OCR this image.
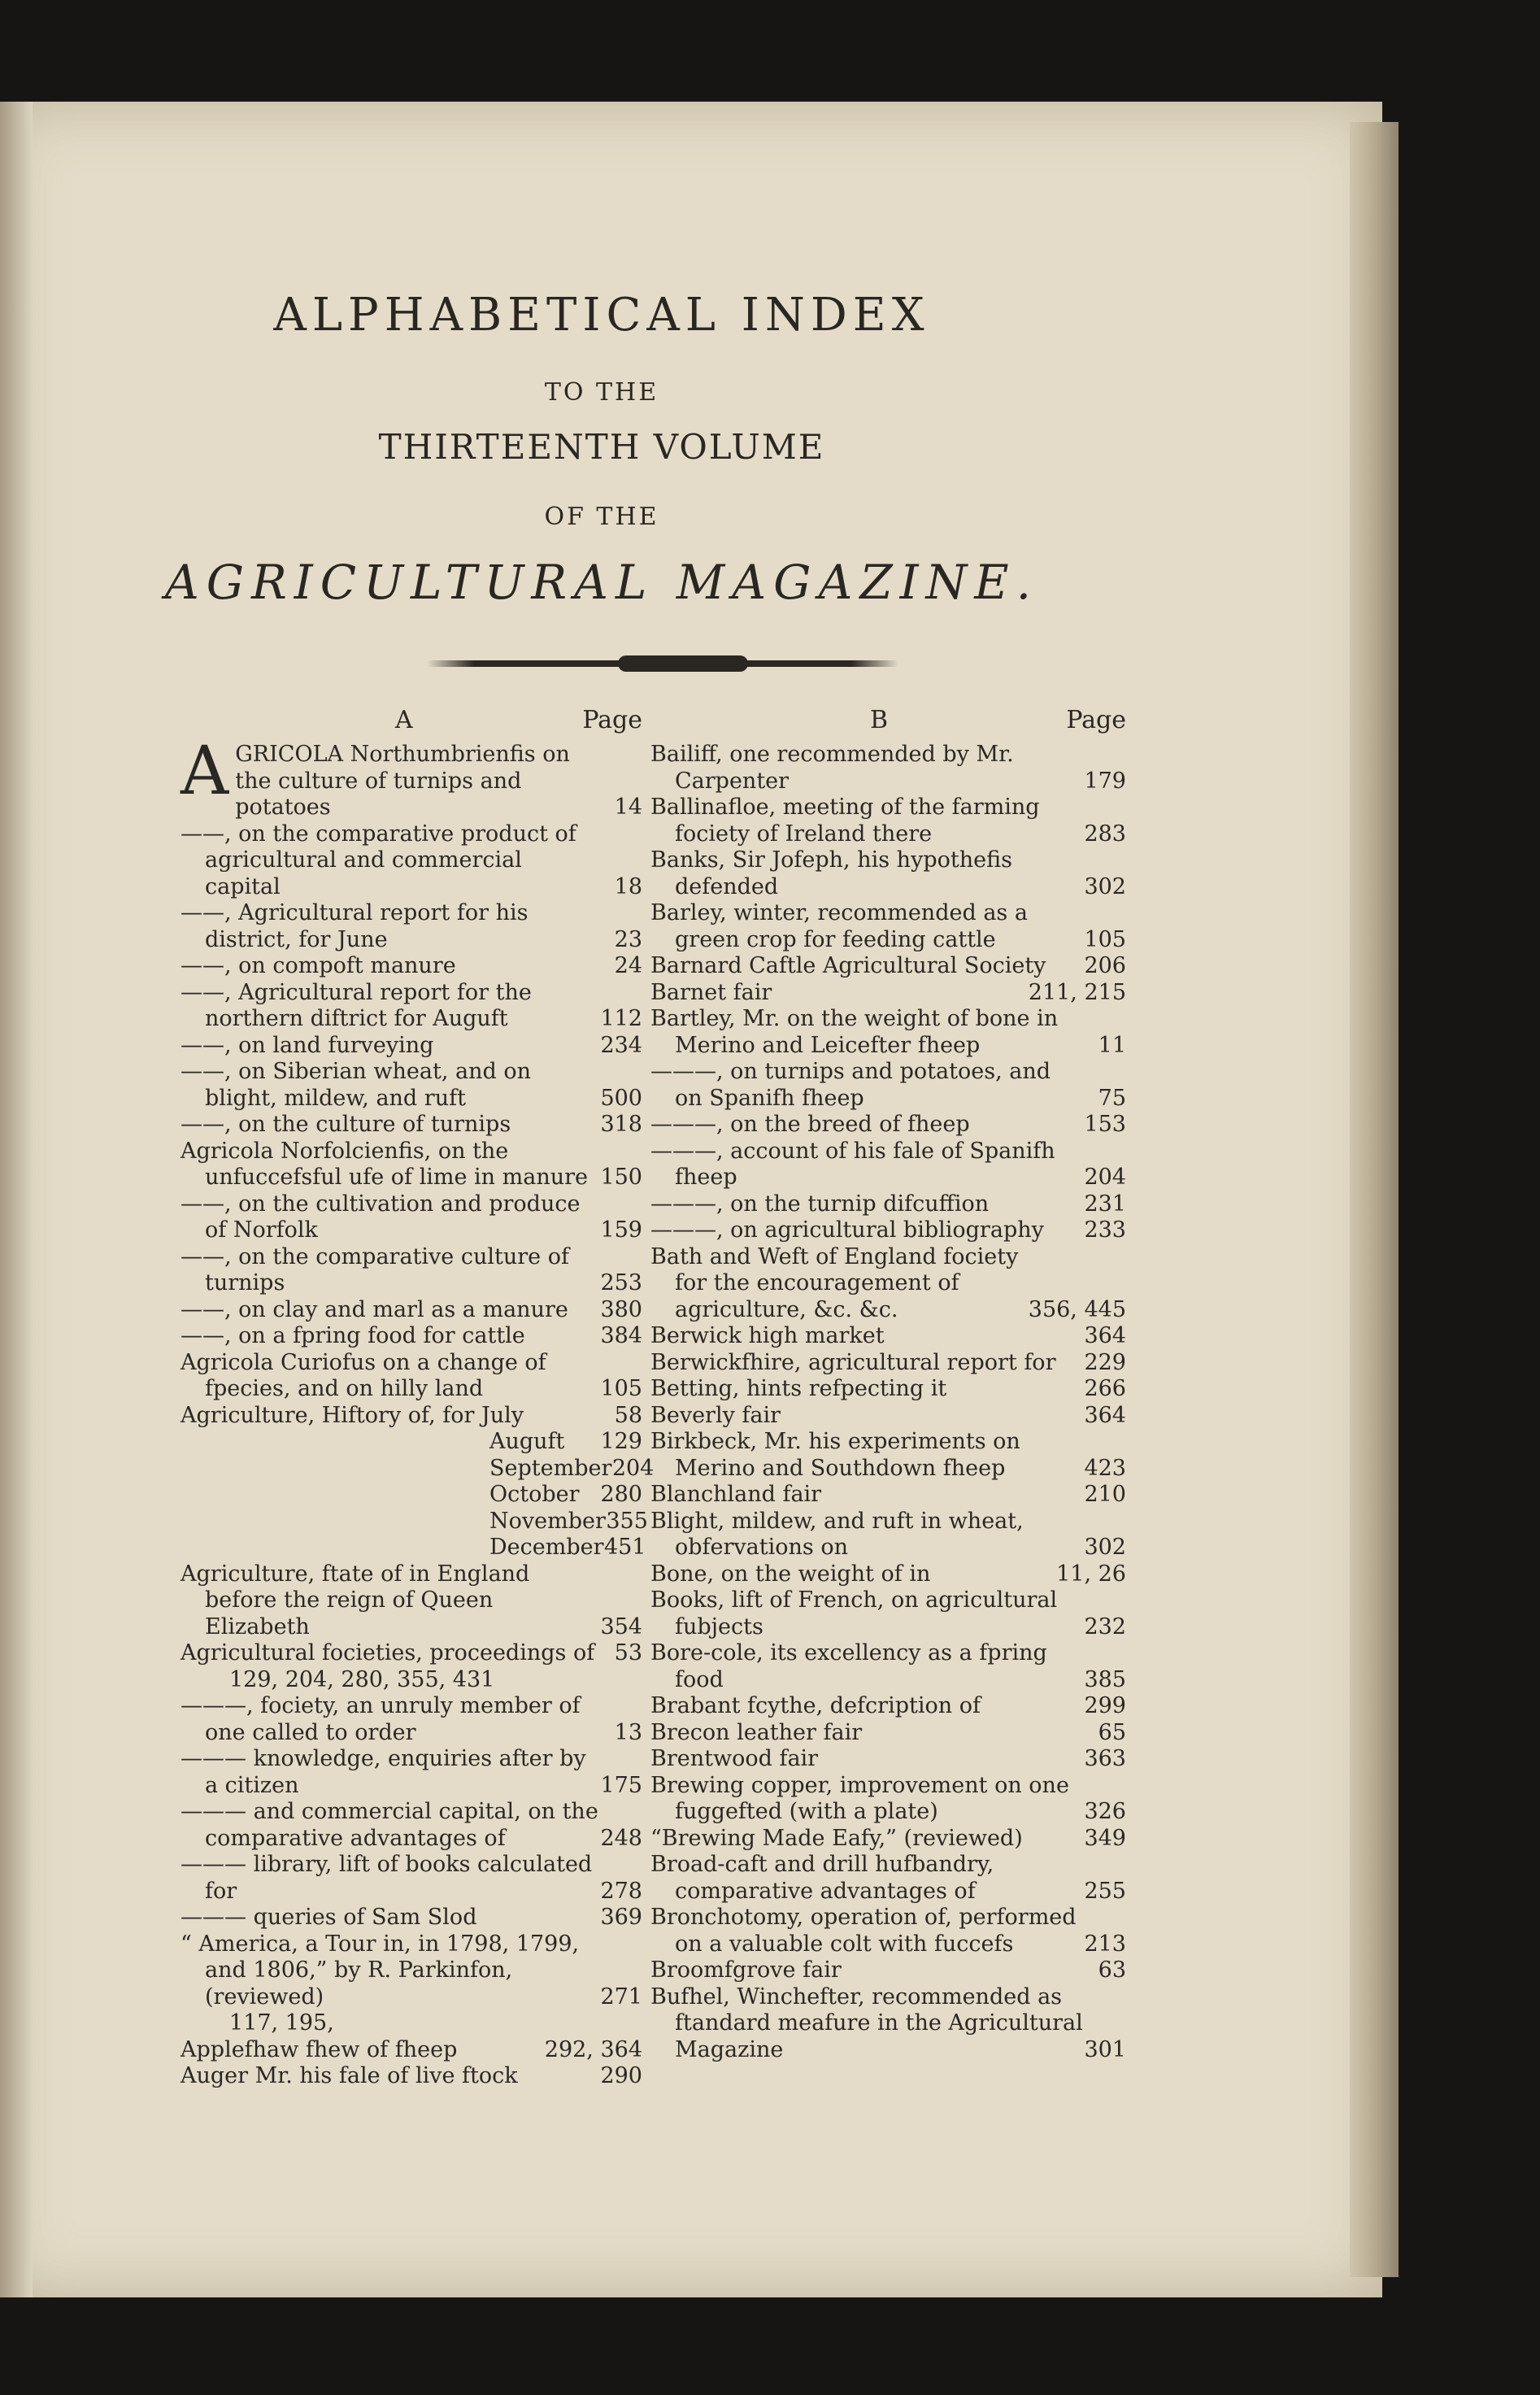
ALPHABETICAL INDEX
TO THE
THIRTEENTH VOLUME
OF THE
AGRICULTURAL MAGAZINE.
A	Page
A GRICOLA Northumbrienfis on the culture of turnips and potatoes	14
——, on the comparative product of agricultural and commercial capital	18
——, Agricultural report for his district, for June	23
——, on compoft manure	24
——, Agricultural report for the northern diftrict for Auguft	112
——, on land furveying	234
——, on Siberian wheat, and on blight, mildew, and ruft	500
——, on the culture of turnips	318
Agricola Norfolcienfis, on the unfuccefsful ufe of lime in manure 150
——, on the cultivation and produce of Norfolk	159
——, on the comparative culture of turnips	253
——, on clay and marl as a manure	380
——, on a fpring food for cattle	384
Agricola Curiofus on a change of fpecies, and on hilly land	105
Agriculture, Hiftory of, for July	58
Auguft	129
September 204
October 280
November 355
December 451
Agriculture, ftate of in England before the reign of Queen Elizabeth	354
Agricultural focieties, proceedings of 53
129, 204, 280, 355, 431
———, fociety, an unruly member of one called to order	13
——— knowledge, enquiries after by a citizen	175
——— and commercial capital, on the comparative advantages of	248
——— library, lift of books calculated for	278
——— queries of Sam Slod	369
“ America, a Tour in, in 1798, 1799, and 1806,” by R. Parkinfon, (reviewed)	271
117, 195,
Applefhaw fhew of fheep	292, 364
Auger Mr. his fale of live ftock	290
B	Page
Bailiff, one recommended by Mr. Carpenter	179
Ballinafloe, meeting of the farming fociety of Ireland there	283
Banks, Sir Jofeph, his hypothefis defended	302
Barley, winter, recommended as a green crop for feeding cattle	105
Barnard Caftle Agricultural Society	206
Barnet fair	211, 215
Bartley, Mr. on the weight of bone in Merino and Leicefter fheep	11
———, on turnips and potatoes, and on Spanifh fheep	75
———, on the breed of fheep	153
———, account of his fale of Spanifh fheep	204
———, on the turnip difcuffion	231
———, on agricultural bibliography	233
Bath and Weft of England fociety for the encouragement of agriculture, &c. &c.	356, 445
Berwick high market	364
Berwickfhire, agricultural report for	229
Betting, hints refpecting it	266
Beverly fair	364
Birkbeck, Mr. his experiments on Merino and Southdown fheep	423
Blanchland fair	210
Blight, mildew, and ruft in wheat, obfervations on	302
Bone, on the weight of in	11, 26
Books, lift of French, on agricultural fubjects	232
Bore-cole, its excellency as a fpring food	385
Brabant fcythe, defcription of	299
Brecon leather fair	65
Brentwood fair	363
Brewing copper, improvement on one fuggefted (with a plate)	326
“Brewing Made Eafy,” (reviewed)	349
Broad-caft and drill hufbandry, comparative advantages of	255
Bronchotomy, operation of, performed on a valuable colt with fuccefs	213
Broomfgrove fair	63
Bufhel, Winchefter, recommended as ftandard meafure in the Agricultural Magazine	301
